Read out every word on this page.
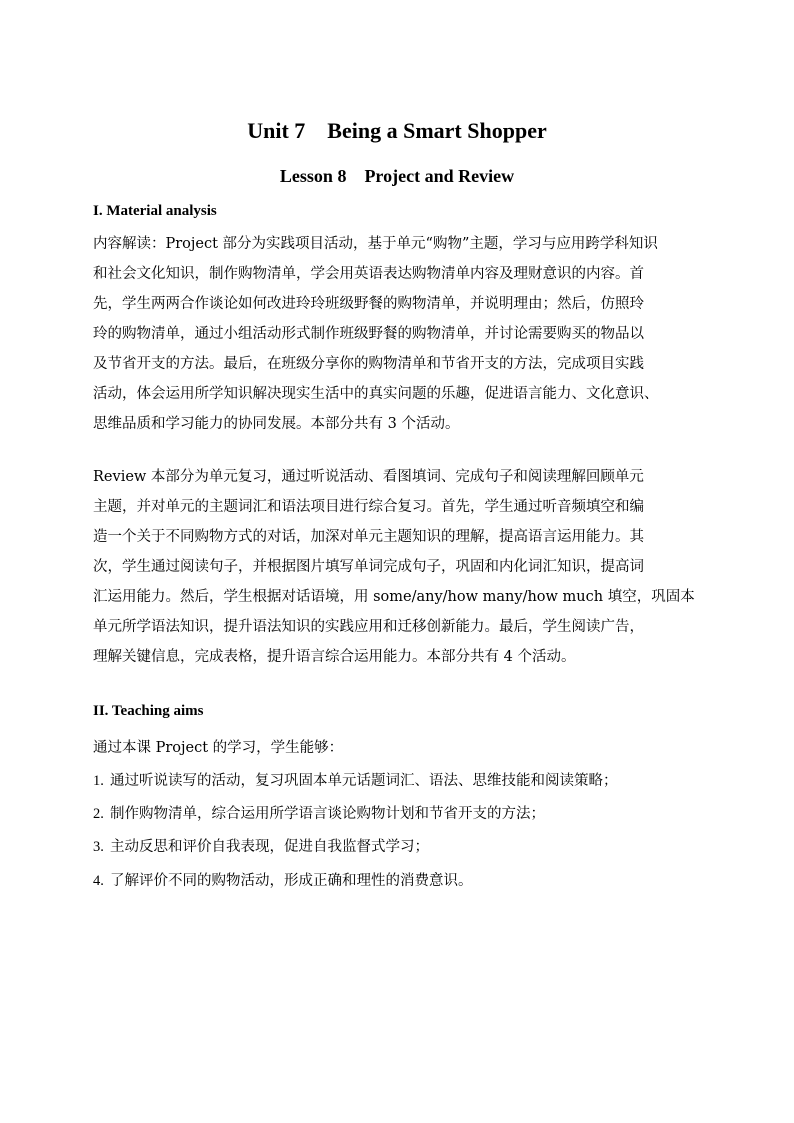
Unit 7    Being a Smart Shopper
Lesson 8    Project and Review
I. Material analysis
内容解读：Project 部分为实践项目活动，基于单元“购物”主题，学习与应用跨学科知识
和社会文化知识，制作购物清单，学会用英语表达购物清单内容及理财意识的内容。首
先，学生两两合作谈论如何改进玲玲班级野餐的购物清单，并说明理由；然后，仿照玲
玲的购物清单，通过小组活动形式制作班级野餐的购物清单，并讨论需要购买的物品以
及节省开支的方法。最后，在班级分享你的购物清单和节省开支的方法，完成项目实践
活动，体会运用所学知识解决现实生活中的真实问题的乐趣，促进语言能力、文化意识、
思维品质和学习能力的协同发展。本部分共有 3 个活动。
Review 本部分为单元复习，通过听说活动、看图填词、完成句子和阅读理解回顾单元
主题，并对单元的主题词汇和语法项目进行综合复习。首先，学生通过听音频填空和编
造一个关于不同购物方式的对话，加深对单元主题知识的理解，提高语言运用能力。其
次，学生通过阅读句子，并根据图片填写单词完成句子，巩固和内化词汇知识，提高词
汇运用能力。然后，学生根据对话语境，用 some/any/how many/how much 填空，巩固本
单元所学语法知识，提升语法知识的实践应用和迁移创新能力。最后，学生阅读广告，
理解关键信息，完成表格，提升语言综合运用能力。本部分共有 4 个活动。
II. Teaching aims
通过本课 Project 的学习，学生能够：
1. 通过听说读写的活动，复习巩固本单元话题词汇、语法、思维技能和阅读策略；
2. 制作购物清单，综合运用所学语言谈论购物计划和节省开支的方法；
3. 主动反思和评价自我表现，促进自我监督式学习；
4. 了解评价不同的购物活动，形成正确和理性的消费意识。
